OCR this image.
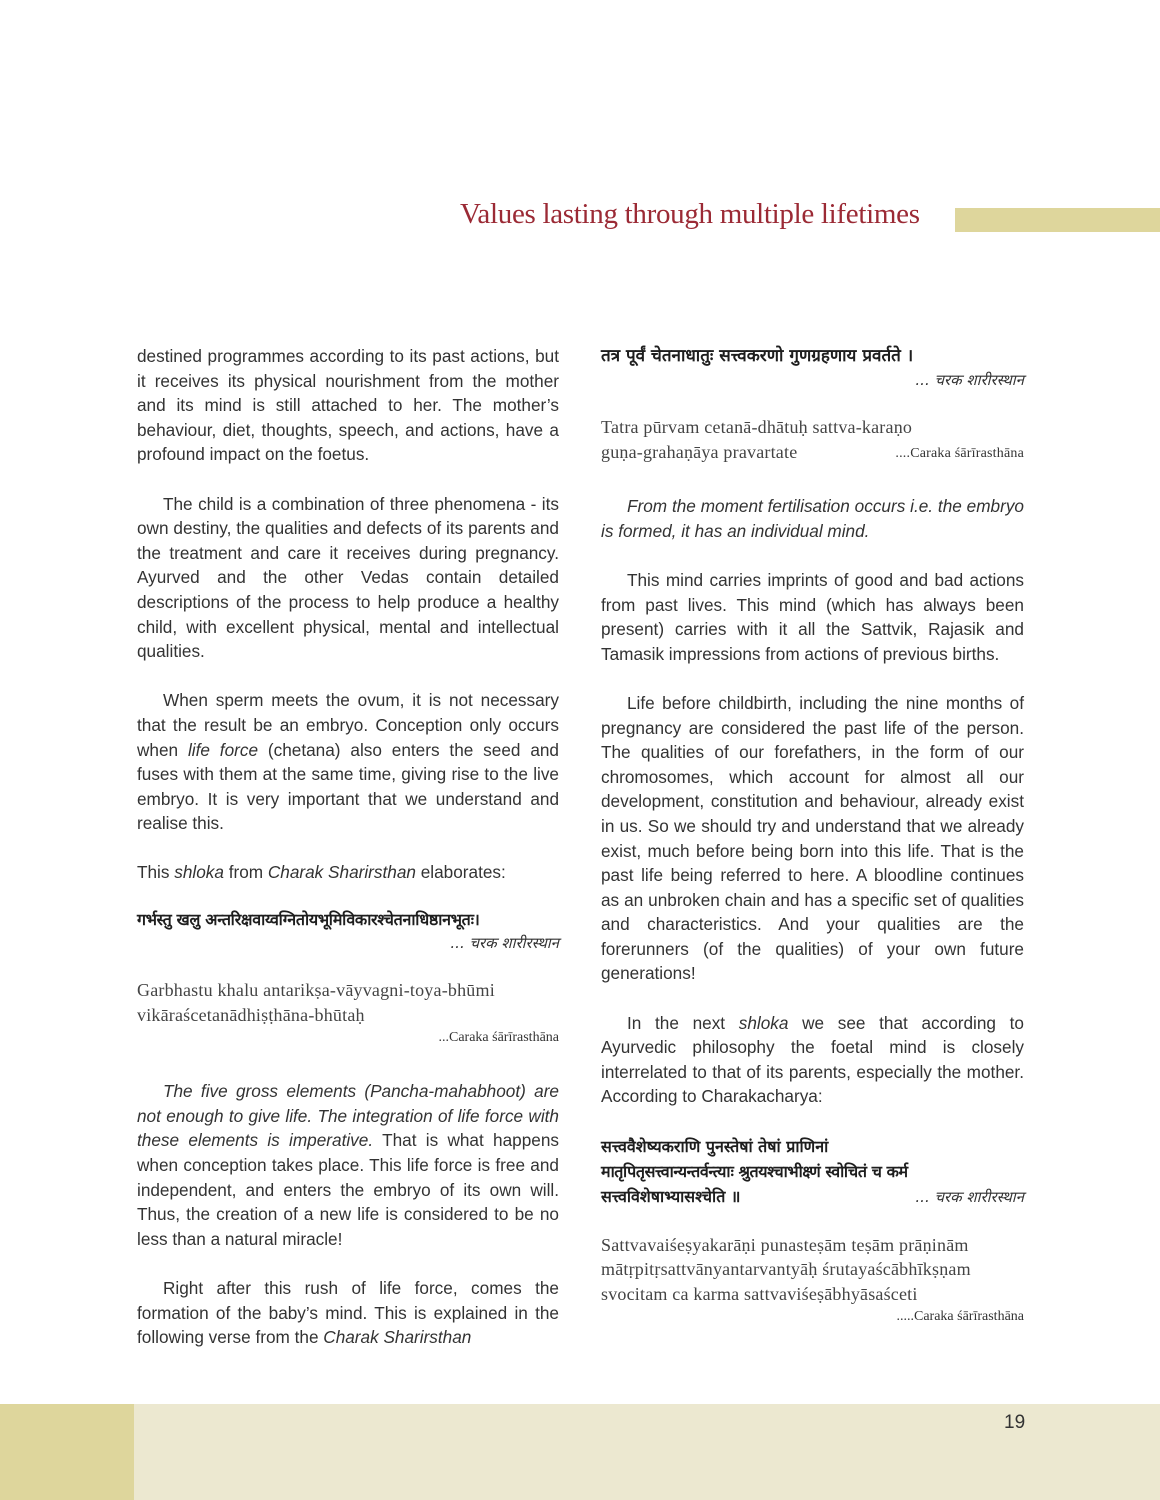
Values lasting through multiple lifetimes

destined programmes according to its past actions, but it receives its physical nourishment from the mother and its mind is still attached to her. The mother’s behaviour, diet, thoughts, speech, and actions, have a profound impact on the foetus.

The child is a combination of three phenomena - its own destiny, the qualities and defects of its parents and the treatment and care it receives during pregnancy. Ayurved and the other Vedas contain detailed descriptions of the process to help produce a healthy child, with excellent physical, mental and intellectual qualities.

When sperm meets the ovum, it is not necessary that the result be an embryo. Conception only occurs when life force (chetana) also enters the seed and fuses with them at the same time, giving rise to the live embryo. It is very important that we understand and realise this.

This shloka from Charak Sharirsthan elaborates:

गर्भस्तु खलु अन्तरिक्षवाय्वग्नितोयभूमिविकारश्चेतनाधिष्ठानभूतः।

... चरक शारीरस्थान

Garbhastu khalu antarikṣa-vāyvagni-toya-bhūmi

vikāraścetanādhiṣṭhāna-bhūtaḥ

...Caraka śārīrasthāna

The five gross elements (Pancha-mahabhoot) are not enough to give life. The integration of life force with these elements is imperative. That is what happens when conception takes place. This life force is free and independent, and enters the embryo of its own will. Thus, the creation of a new life is considered to be no less than a natural miracle!

Right after this rush of life force, comes the formation of the baby’s mind. This is explained in the following verse from the Charak Sharirsthan

तत्र पूर्वं चेतनाधातुः सत्त्वकरणो गुणग्रहणाय प्रवर्तते ।

... चरक शारीरस्थान

Tatra pūrvam cetanā-dhātuḥ sattva-karaṇo

guṇa-grahaṇāya pravartate	....Caraka śārīrasthāna

From the moment fertilisation occurs i.e. the embryo is formed, it has an individual mind.

This mind carries imprints of good and bad actions from past lives. This mind (which has always been present) carries with it all the Sattvik, Rajasik and Tamasik impressions from actions of previous births.

Life before childbirth, including the nine months of pregnancy are considered the past life of the person. The qualities of our forefathers, in the form of our chromosomes, which account for almost all our development, constitution and behaviour, already exist in us. So we should try and understand that we already exist, much before being born into this life. That is the past life being referred to here. A bloodline continues as an unbroken chain and has a specific set of qualities and characteristics. And your qualities are the forerunners (of the qualities) of your own future generations!

In the next shloka we see that according to Ayurvedic philosophy the foetal mind is closely interrelated to that of its parents, especially the mother. According to Charakacharya:

सत्त्ववैशेष्यकराणि पुनस्तेषां तेषां प्राणिनां

मातृपितृसत्त्वान्यन्तर्वन्त्याः श्रुतयश्चाभीक्ष्णं स्वोचितं च कर्म

सत्त्वविशेषाभ्यासश्चेति ॥	... चरक शारीरस्थान

Sattvavaiśeṣyakarāṇi punasteṣām teṣām prāṇinām

mātṛpitṛsattvānyantarvantyāḥ śrutayaścābhīkṣṇam

svocitam ca karma sattvaviśeṣābhyāsaśceti

.....Caraka śārīrasthāna

19
